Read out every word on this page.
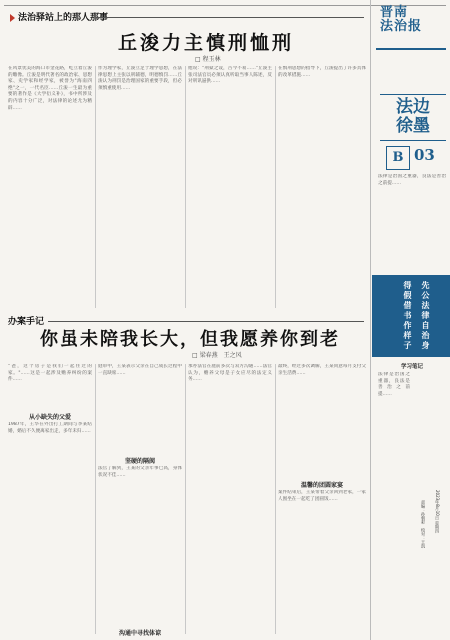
法治驿站上的那人那事
丘浚力主慎刑恤刑
□ 程玉林
在风景优美的海口市金花路，屹立着丘浚的雕像。丘浚是明代著名的政治家、思想家、史学家和经学家，被誉为"海南四绝"之一，一代名臣……丘浚一生最为重要的著作是《大学衍义补》，书中所涉及的内容十分广泛，对法律的论述尤为精辟……
作为理学家，丘浚立足于理学思想，在法律思想上主张以刑辅德，明德慎罚……丘浚认为刑罚是治理国家的重要手段，但必须慎重使用……
他说："刑狱之设，古今不易……"丘浚主张司法官员必须认真听取当事人陈述，反对刑讯逼供……
在慎刑思想的指导下，丘浚提出了许多具体的改革措施……
办案手记
你虽未陪我长大，但我愿养你到老
□ 梁春燕　王之风
"爸，这个房子是我们一起住过的家。"……这是一起涉及赡养纠纷的案件……
从小缺失的父爱
1987年，王华在外出打工期间与李某结婚，婚后不久便离家出走，多年未归……
庭审中，王某表示父亲在自己成长过程中一直缺席……
坚硬的隔阂
法官了解到，王某的父亲年事已高，身体状况不佳……
沟通中寻找体谅
承办法官在庭前多次与双方沟通……法官认为，赡养父母是子女应尽的法定义务……
最终，经过多次调解，王某同意每月支付父亲生活费……
温馨的团圆家宴
案件结束后，王某带着父亲回到老家，一家人围坐在一起吃了团圆饭……
晋南
法治报
法边
徐墨
B 03
法律是治国之重器，良法是善治之前提……
先公法律自治身
得假借书作样子
学习笔记
法律是治国之重器，良法是善治之前提……
责编：孙朝彩　校对：王凯	2023年8月10日 星期四
